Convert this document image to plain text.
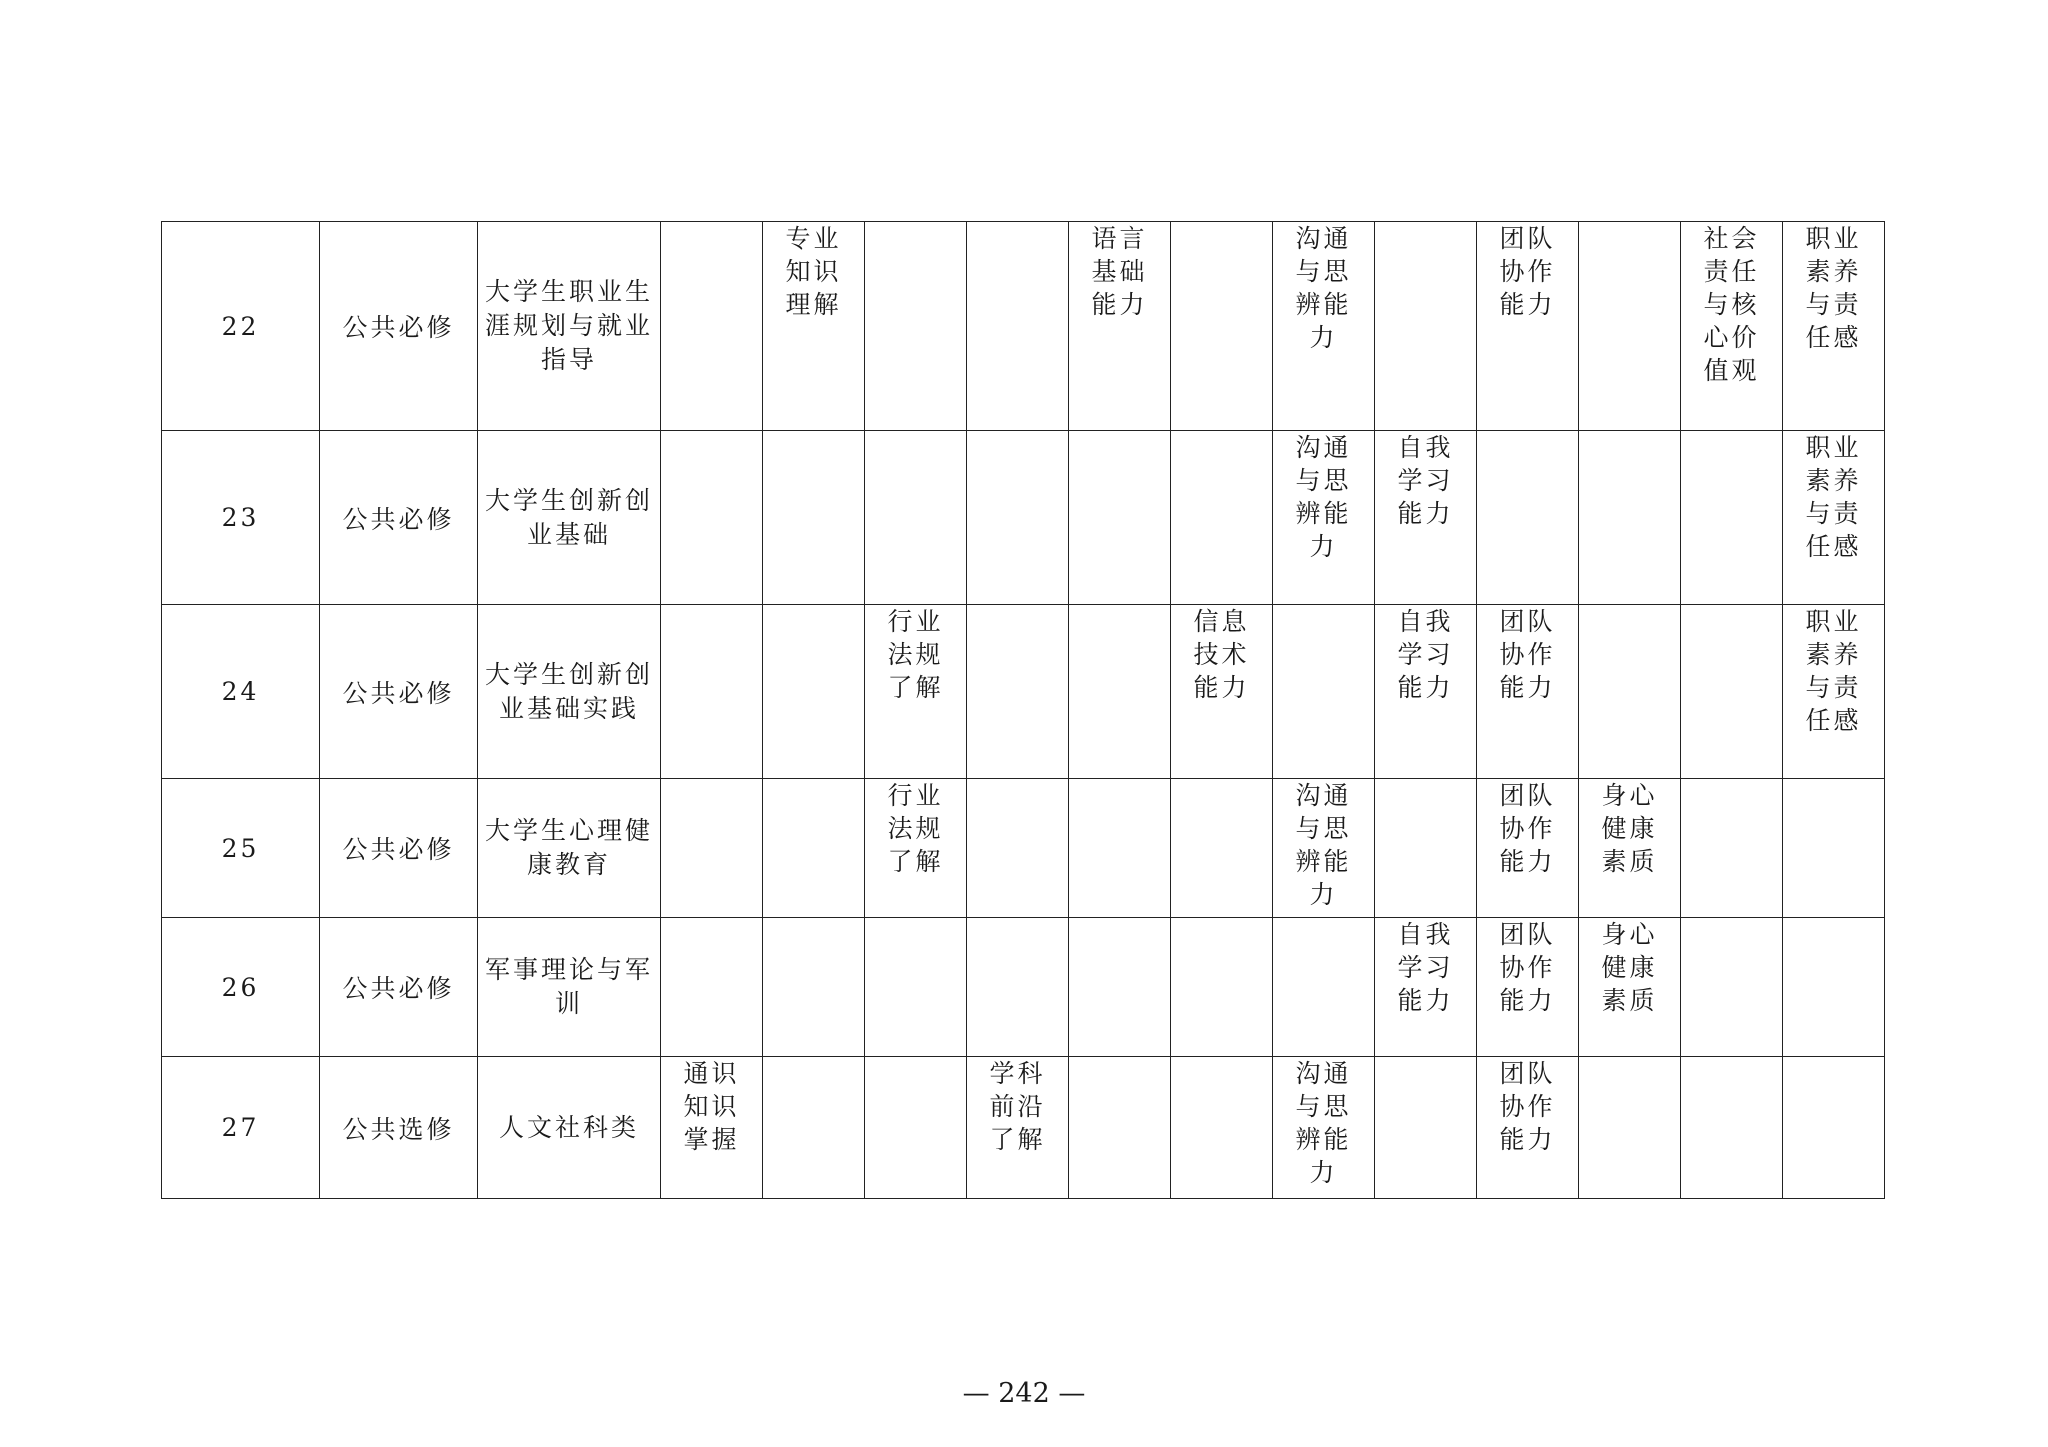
22	公共必修	大学生职业生涯规划与就业指导		专业知识理解			语言基础能力		沟通与思辨能力		团队协作能力		社会责任与核心价值观	职业素养与责任感
23	公共必修	大学生创新创业基础							沟通与思辨能力	自我学习能力				职业素养与责任感
24	公共必修	大学生创新创业基础实践			行业法规了解			信息技术能力		自我学习能力	团队协作能力			职业素养与责任感
25	公共必修	大学生心理健康教育			行业法规了解				沟通与思辨能力		团队协作能力	身心健康素质		
26	公共必修	军事理论与军训								自我学习能力	团队协作能力	身心健康素质		
27	公共选修	人文社科类	通识知识掌握			学科前沿了解			沟通与思辨能力		团队协作能力			
— 242 —
